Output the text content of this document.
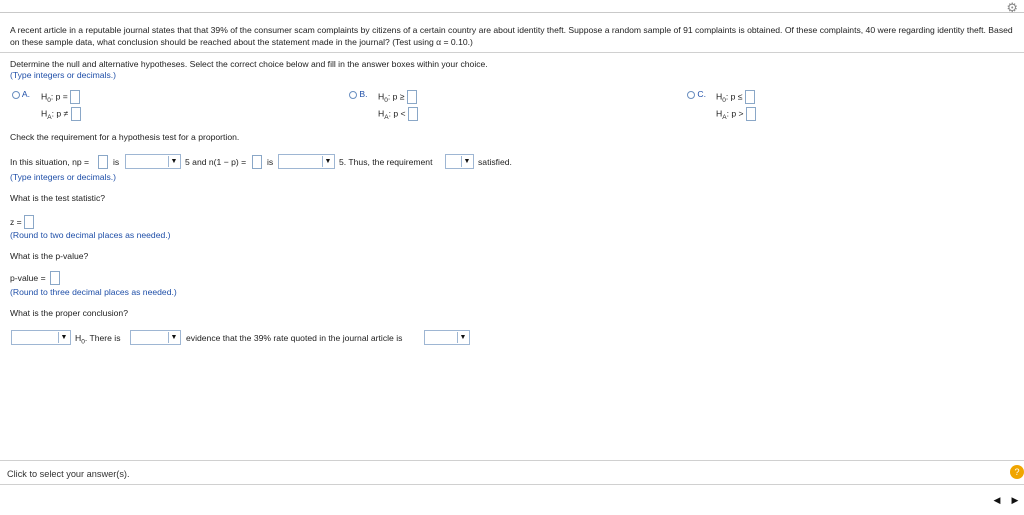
⚙
A recent article in a reputable journal states that that 39% of the consumer scam complaints by citizens of a certain country are about identity theft. Suppose a random sample of 91 complaints is obtained. Of these complaints, 40 were regarding identity theft. Based on these sample data, what conclusion should be reached about the statement made in the journal? (Test using α = 0.10.)
Determine the null and alternative hypotheses. Select the correct choice below and fill in the answer boxes within your choice.
(Type integers or decimals.)
A. $H_0$: p =
$H_A$: p ≠
B. $H_0$: p ≥
$H_A$: p <
C. $H_0$: p ≤
$H_A$: p >
Check the requirement for a hypothesis test for a proportion.
In this situation, np =	is	▼ 5 and n(1 − p) = is	▼ 5. Thus, the requirement	▼ satisfied.
(Type integers or decimals.)
What is the test statistic?
z =
(Round to two decimal places as needed.)
What is the p-value?
p-value =
(Round to three decimal places as needed.)
What is the proper conclusion?
▼ $H_0$. There is	▼ evidence that the 39% rate quoted in the journal article is	▼
Click to select your answer(s).	?
◀	▶
